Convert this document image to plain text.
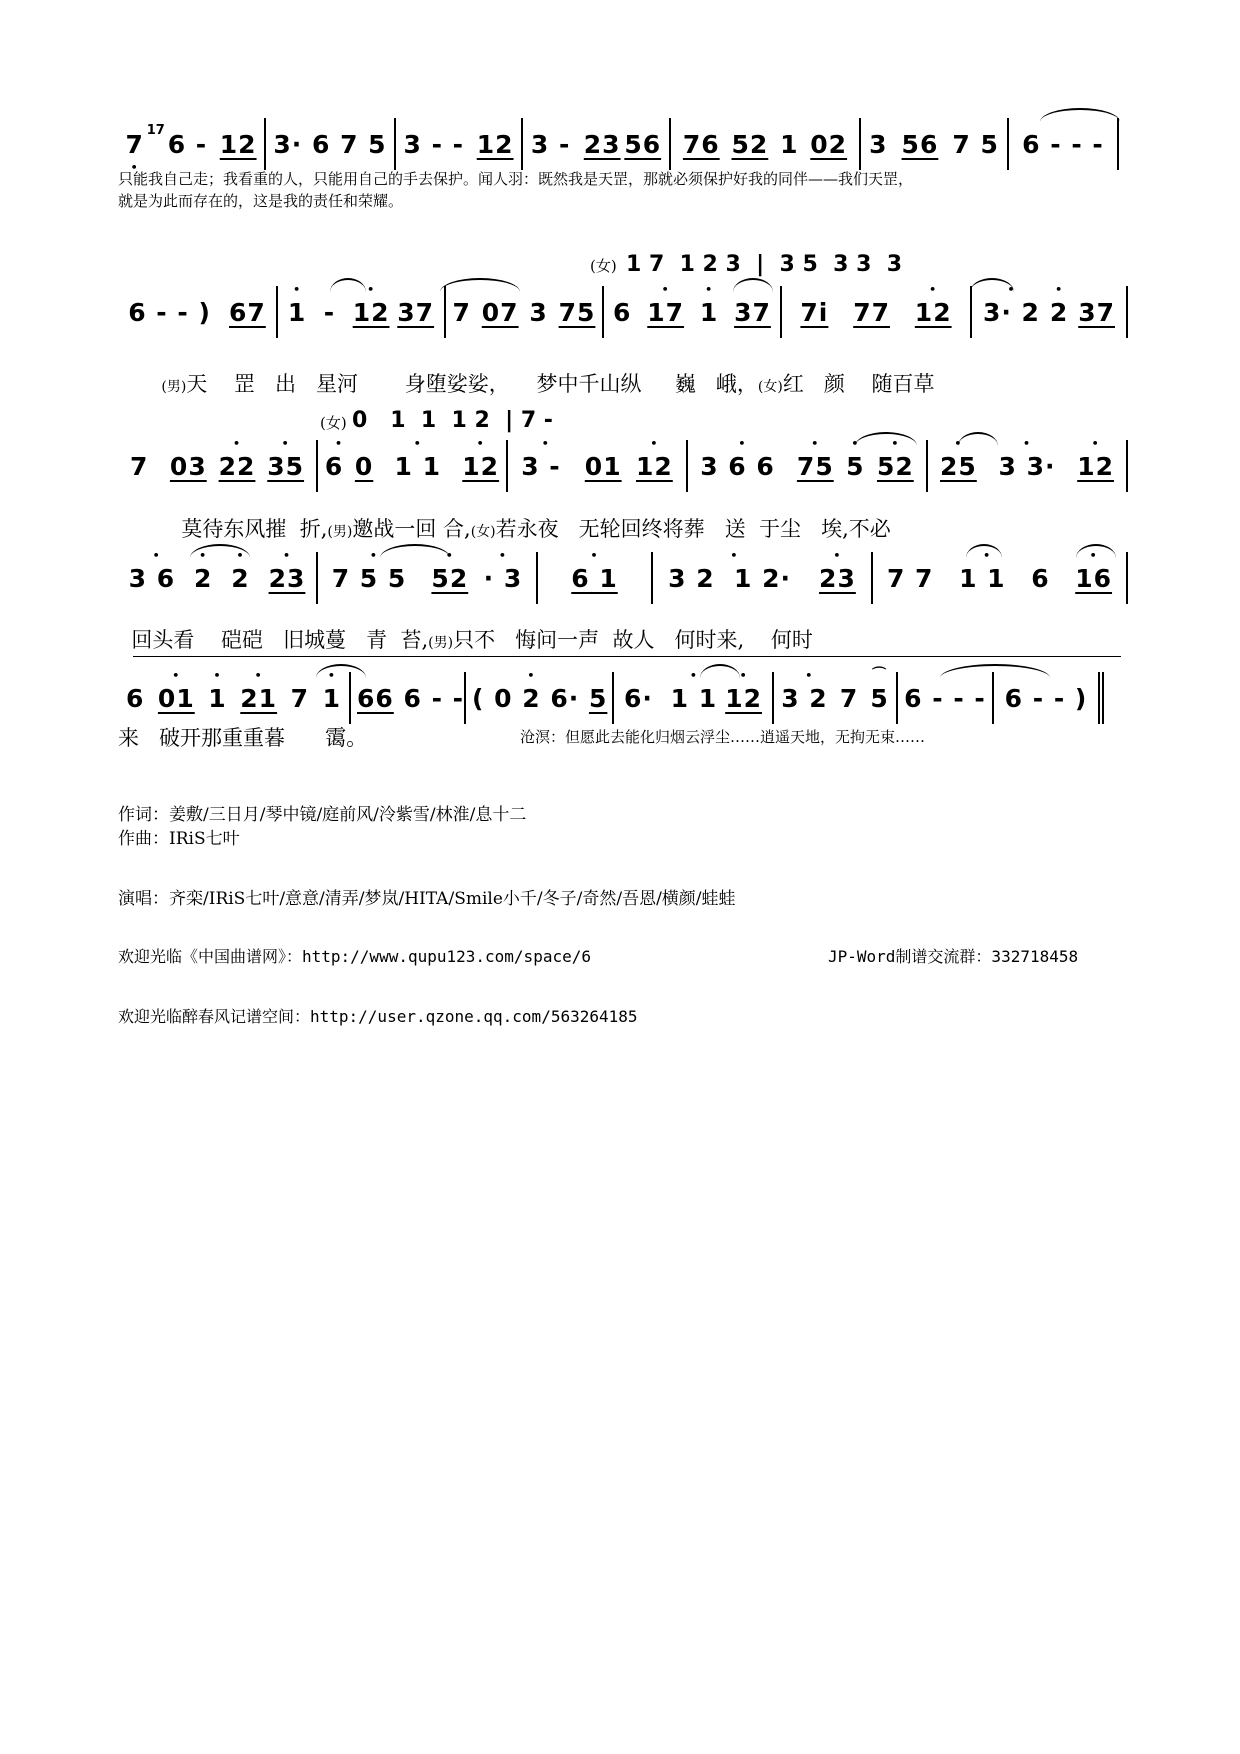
7 • 17 6 - 12 3· 6 7 5 3 - - 12 3 - 23 56 76 52 1 02 3 56 7 5 6 - - -
只能我自己走；我看重的人，只能用自己的手去保护。闻人羽：既然我是天罡，那就必须保护好我的同伴——我们天罡，
就是为此而存在的，这是我的责任和荣耀。
(女) 1 7  1 2 3  |  3 5  3 3  3
6 - - ) 67 • 1 - • 12 37 7 07 3 75 6 • 17 •  1 37 7i 77 • 12 • 3· 2 • 2 37

(男)天    罡   出   星河       身堕娑娑，    梦中千山纵     巍   峨，(女)红   颜    随百草

(女) 0   1  1  1 2  | 7 -
7 03 • 22 • 35 • 6 0 •   1 1 • 12 • 3 - 01 • 12 • 3 6 6 • 75 • 5 • 52 • 25 •  3 3· • 12

莫待东风摧  折,(男)邀战一回 合,(女)若永夜   无轮回终将葬   送  于尘   埃,不必

• 3 6 • 2 •  2 • 23 • 7 5 5 • 52 • · 3 • 6 1 • 3 2  1 2· • 23 7 7 • 1 1 6 • 16

回头看    硙硙   旧城蔓   青  苔,(男)只不   悔问一声  故人   何时来,    何时

6 • 01 •  1 • 21 7 • 1 66 6 - - ( 0 • 2 6· 5 6· • 1 1 • 12 • 3 2 7 5
⌒
6 - - - 6 - - )
来   破开那重重暮      霭。	沧溟：但愿此去能化归烟云浮尘……逍遥天地，无拘无束……
作词：姜敷/三日月/琴中镜/庭前风/泠紫雪/林淮/息十二
作曲：IRiS七叶
演唱：齐栾/IRiS七叶/意意/清弄/梦岚/HITA/Smile小千/冬子/奇然/吾恩/横颜/蛙蛙
欢迎光临《中国曲谱网》：http://www.qupu123.com/space/6	JP-Word制谱交流群：332718458
欢迎光临醉春风记谱空间：http://user.qzone.qq.com/563264185
